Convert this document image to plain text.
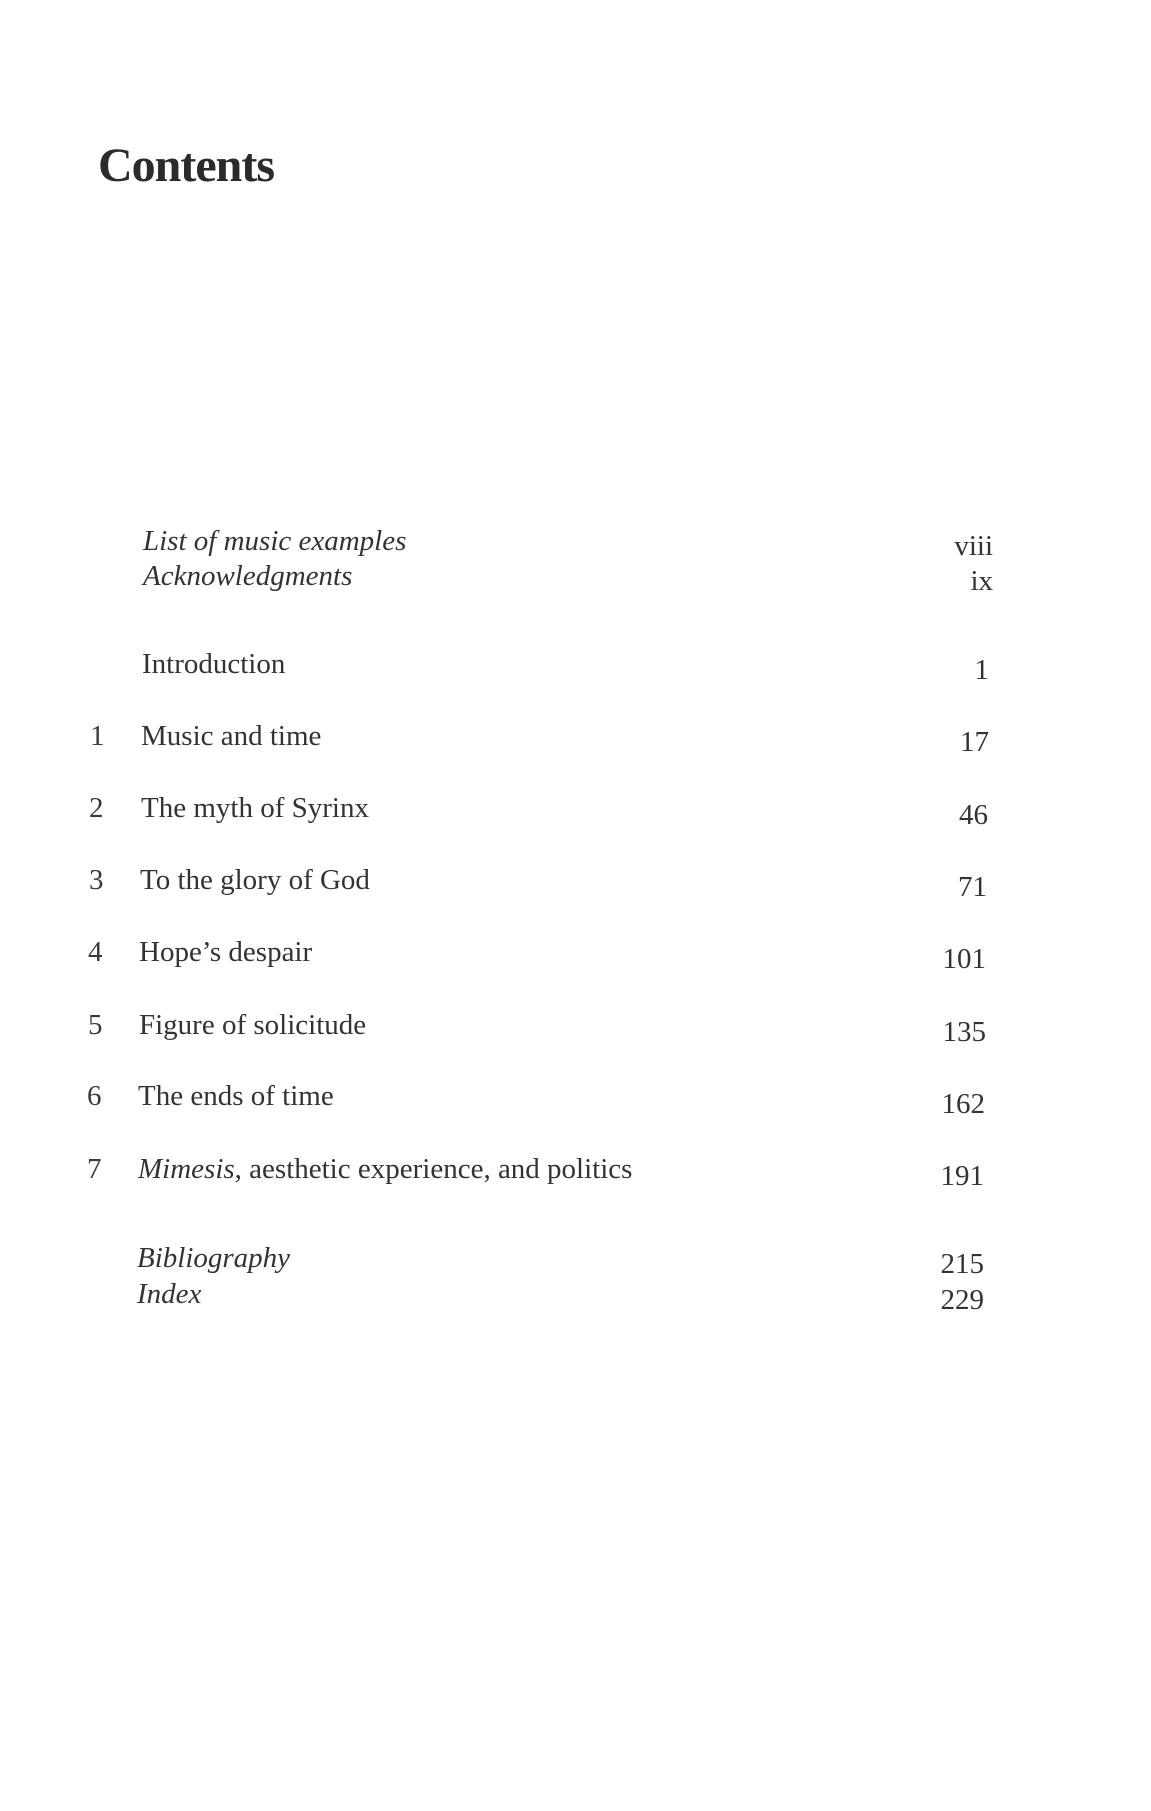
Contents
List of music examples	viii
Acknowledgments	ix
Introduction	1
1	Music and time	17
2	The myth of Syrinx	46
3	To the glory of God	71
4	Hope’s despair	101
5	Figure of solicitude	135
6	The ends of time	162
7	Mimesis, aesthetic experience, and politics	191
Bibliography	215
Index	229
